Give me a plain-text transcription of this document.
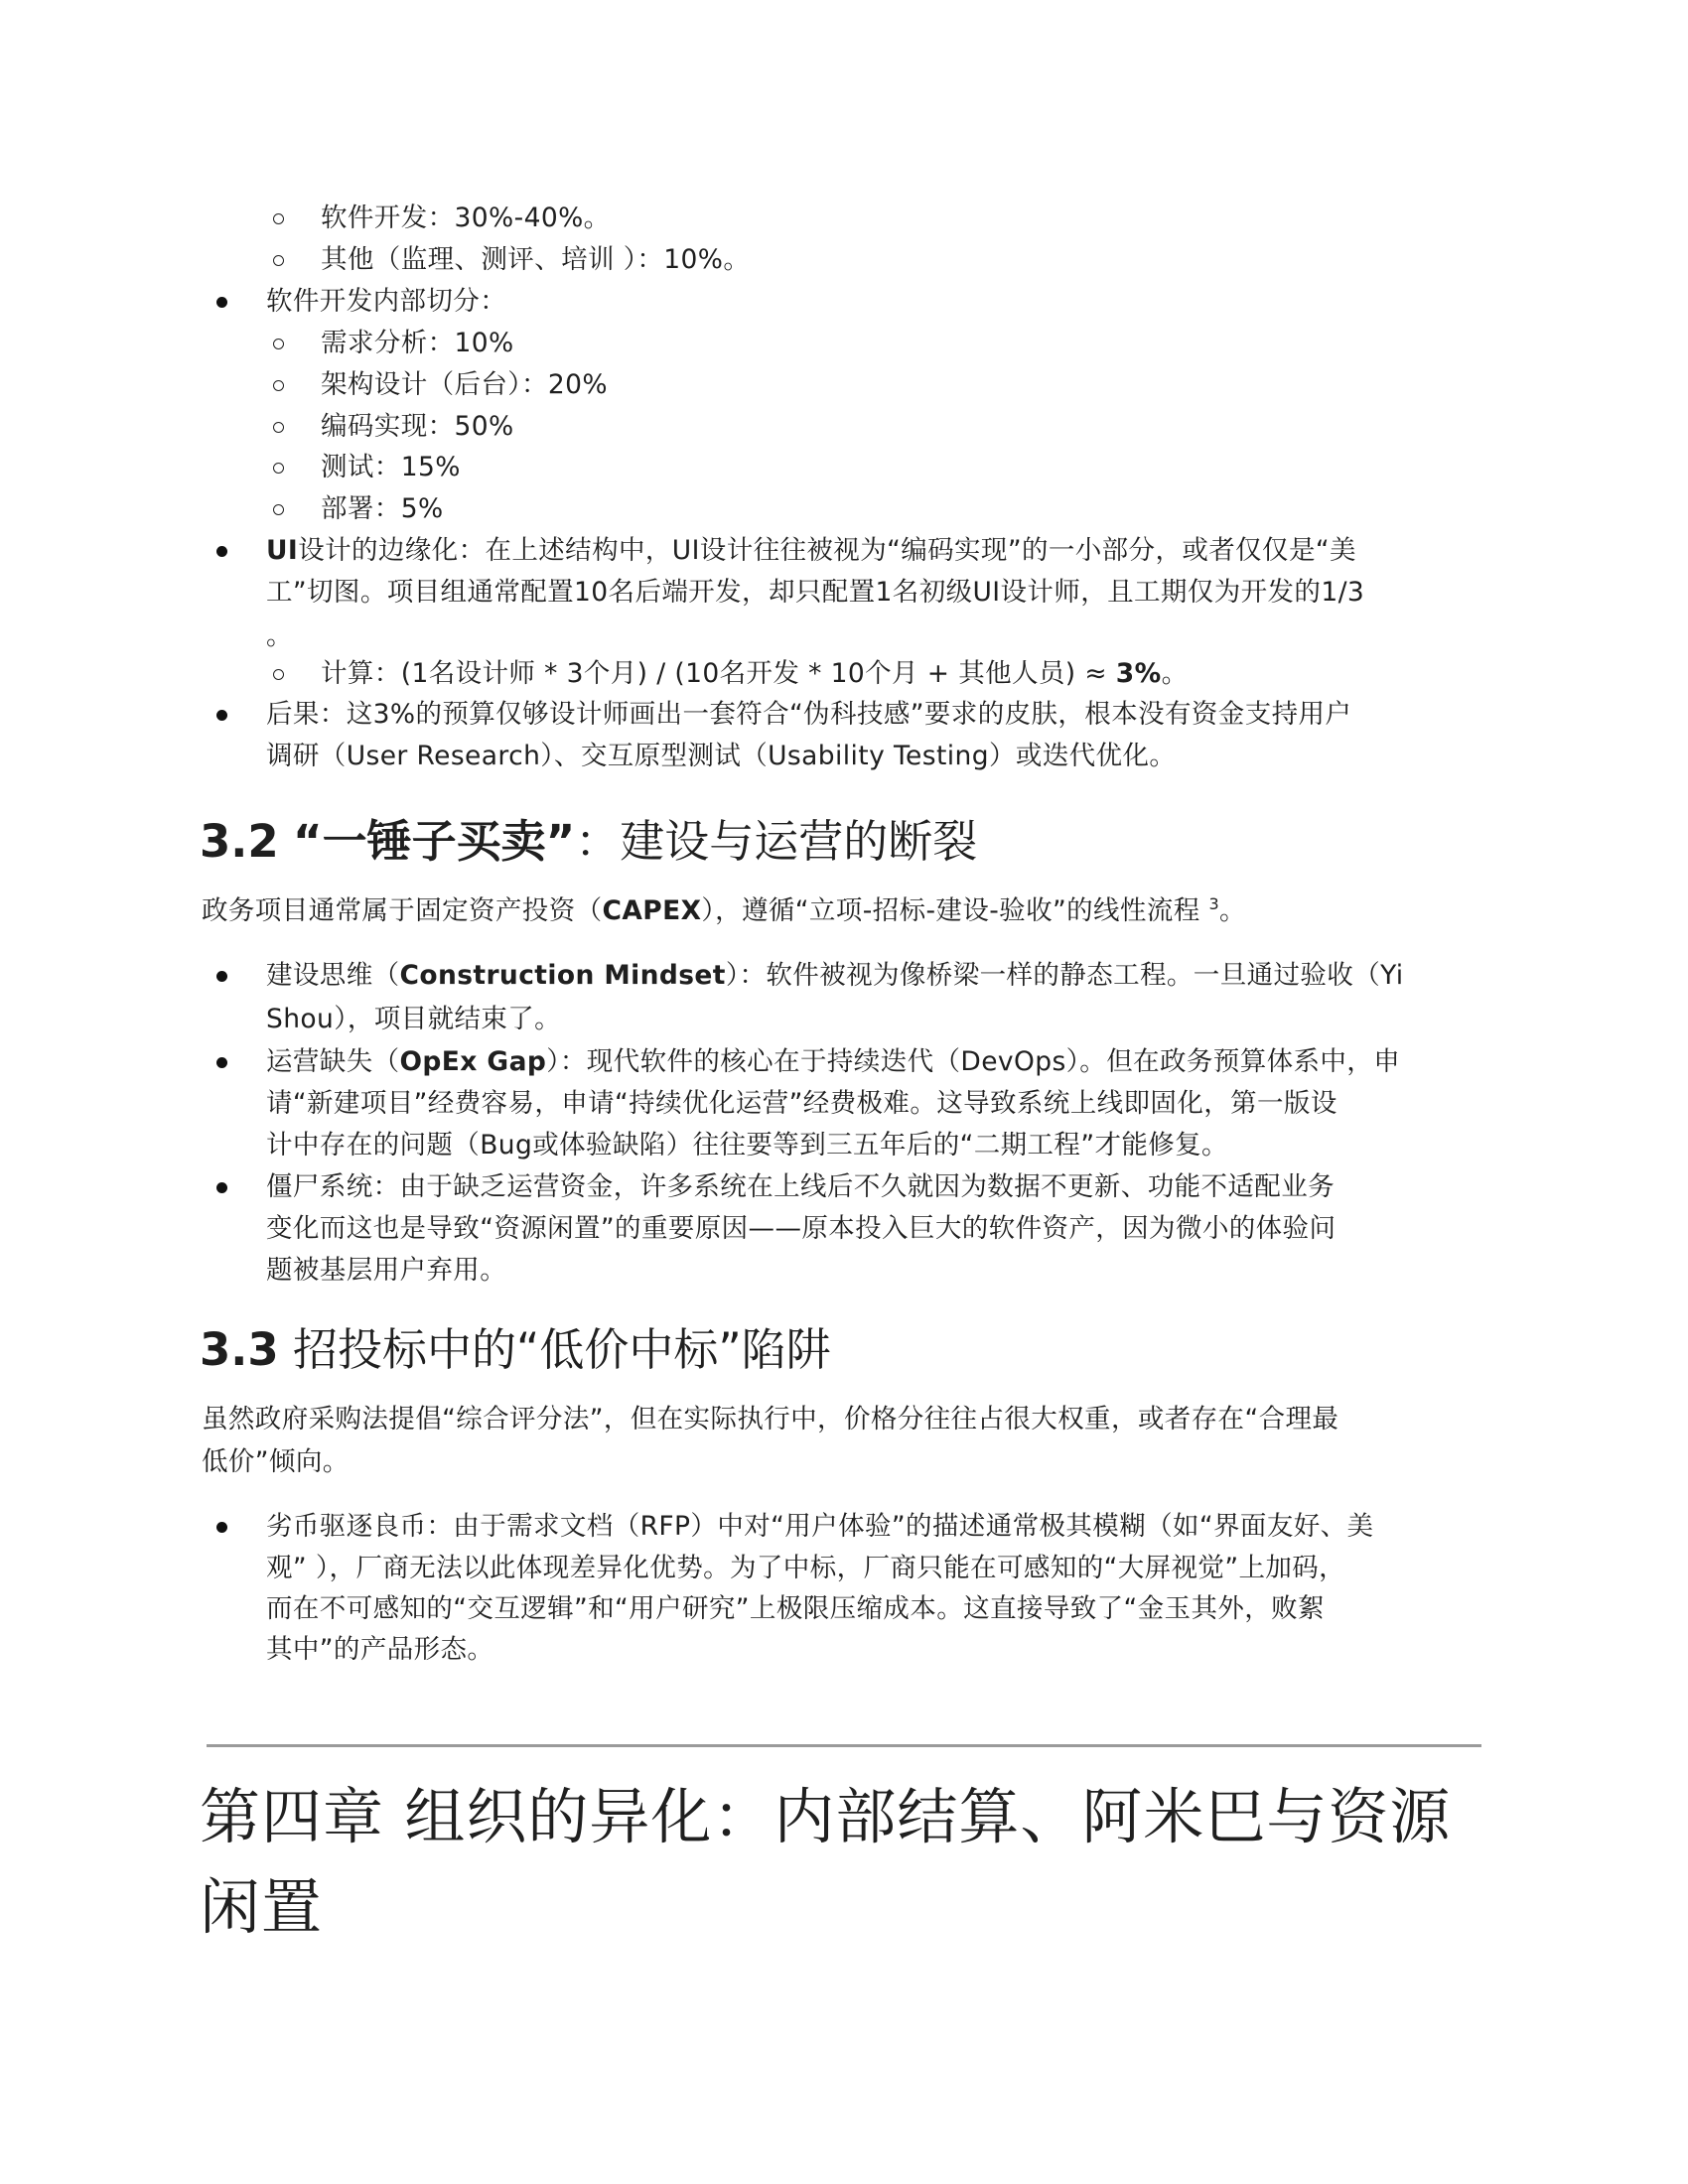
软件开发：30%-40%。
其他（监理、测评、培训 ）：10%。
软件开发内部切分：
需求分析：10%
架构设计（后台）：20%
编码实现：50%
测试：15%
部署：5%
UI设计的边缘化：在上述结构中，UI设计往往被视为“编码实现”的一小部分，或者仅仅是“美
工”切图。项目组通常配置10名后端开发，却只配置1名初级UI设计师，且工期仅为开发的1/3
。
计算：(1名设计师 * 3个月) / (10名开发 * 10个月 + 其他人员) ≈ 3%。
后果：这3%的预算仅够设计师画出一套符合“伪科技感”要求的皮肤，根本没有资金支持用户
调研（User Research）、交互原型测试（Usability Testing）或迭代优化。
3.2 “一锤子买卖”：建设与运营的断裂
政务项目通常属于固定资产投资（CAPEX），遵循“立项-招标-建设-验收”的线性流程 $^3$。
建设思维（Construction Mindset）：软件被视为像桥梁一样的静态工程。一旦通过验收（Yi
Shou），项目就结束了。
运营缺失（OpEx Gap）：现代软件的核心在于持续迭代（DevOps）。但在政务预算体系中，申
请“新建项目”经费容易，申请“持续优化运营”经费极难。这导致系统上线即固化，第一版设
计中存在的问题（Bug或体验缺陷）往往要等到三五年后的“二期工程”才能修复。
僵尸系统：由于缺乏运营资金，许多系统在上线后不久就因为数据不更新、功能不适配业务
变化而这也是导致“资源闲置”的重要原因——原本投入巨大的软件资产，因为微小的体验问
题被基层用户弃用。
3.3 招投标中的“低价中标”陷阱
虽然政府采购法提倡“综合评分法”，但在实际执行中，价格分往往占很大权重，或者存在“合理最
低价”倾向。
劣币驱逐良币：由于需求文档（RFP）中对“用户体验”的描述通常极其模糊（如“界面友好、美
观” ），厂商无法以此体现差异化优势。为了中标，厂商只能在可感知的“大屏视觉”上加码，
而在不可感知的“交互逻辑”和“用户研究”上极限压缩成本。这直接导致了“金玉其外，败絮
其中”的产品形态。
第四章 组织的异化：内部结算、阿米巴与资源
闲置
